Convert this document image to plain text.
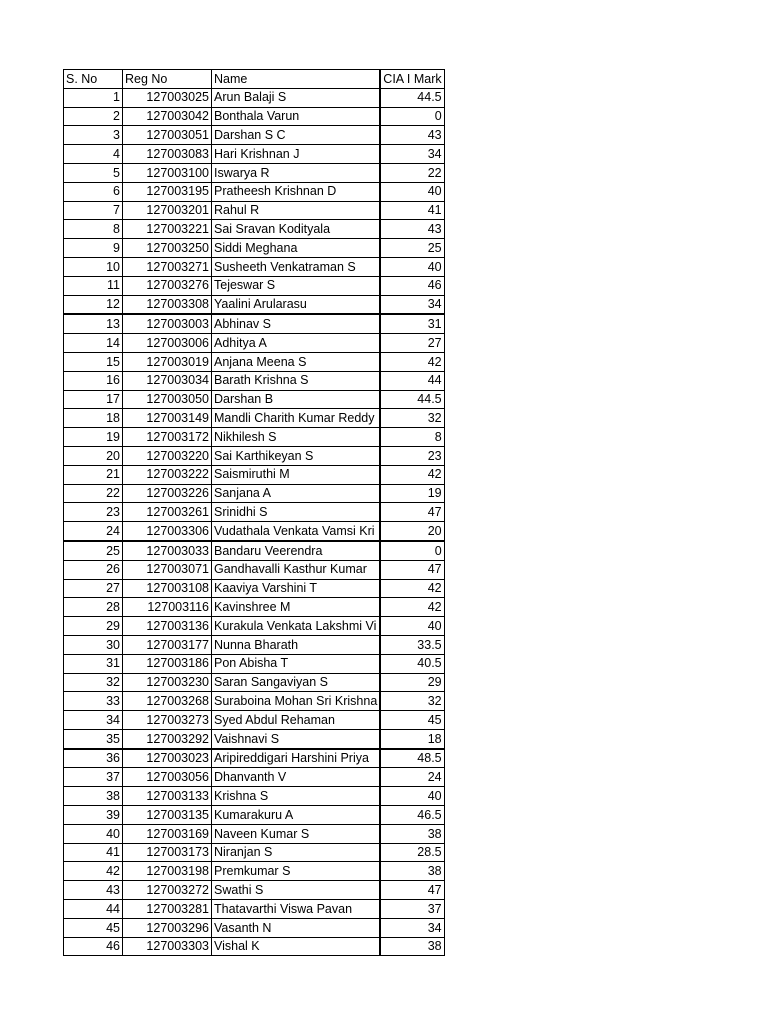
S. No	Reg No	Name	CIA I Mark
1	127003025	Arun Balaji S	44.5
2	127003042	Bonthala Varun	0
3	127003051	Darshan S C	43
4	127003083	Hari Krishnan J	34
5	127003100	Iswarya R	22
6	127003195	Pratheesh Krishnan D	40
7	127003201	Rahul R	41
8	127003221	Sai Sravan Kodityala	43
9	127003250	Siddi Meghana	25
10	127003271	Susheeth Venkatraman S	40
11	127003276	Tejeswar S	46
12	127003308	Yaalini Arularasu	34
13	127003003	Abhinav S	31
14	127003006	Adhitya A	27
15	127003019	Anjana Meena S	42
16	127003034	Barath Krishna S	44
17	127003050	Darshan B	44.5
18	127003149	Mandli Charith Kumar Reddy	32
19	127003172	Nikhilesh S	8
20	127003220	Sai Karthikeyan S	23
21	127003222	Saismiruthi M	42
22	127003226	Sanjana A	19
23	127003261	Srinidhi S	47
24	127003306	Vudathala Venkata Vamsi Kri	20
25	127003033	Bandaru Veerendra	0
26	127003071	Gandhavalli Kasthur Kumar	47
27	127003108	Kaaviya Varshini T	42
28	127003116	Kavinshree M	42
29	127003136	Kurakula Venkata Lakshmi Vi	40
30	127003177	Nunna Bharath	33.5
31	127003186	Pon Abisha T	40.5
32	127003230	Saran Sangaviyan S	29
33	127003268	Suraboina Mohan Sri Krishna	32
34	127003273	Syed Abdul Rehaman	45
35	127003292	Vaishnavi S	18
36	127003023	Aripireddigari Harshini Priya	48.5
37	127003056	Dhanvanth V	24
38	127003133	Krishna S	40
39	127003135	Kumarakuru A	46.5
40	127003169	Naveen Kumar S	38
41	127003173	Niranjan S	28.5
42	127003198	Premkumar S	38
43	127003272	Swathi S	47
44	127003281	Thatavarthi Viswa Pavan	37
45	127003296	Vasanth N	34
46	127003303	Vishal K	38
